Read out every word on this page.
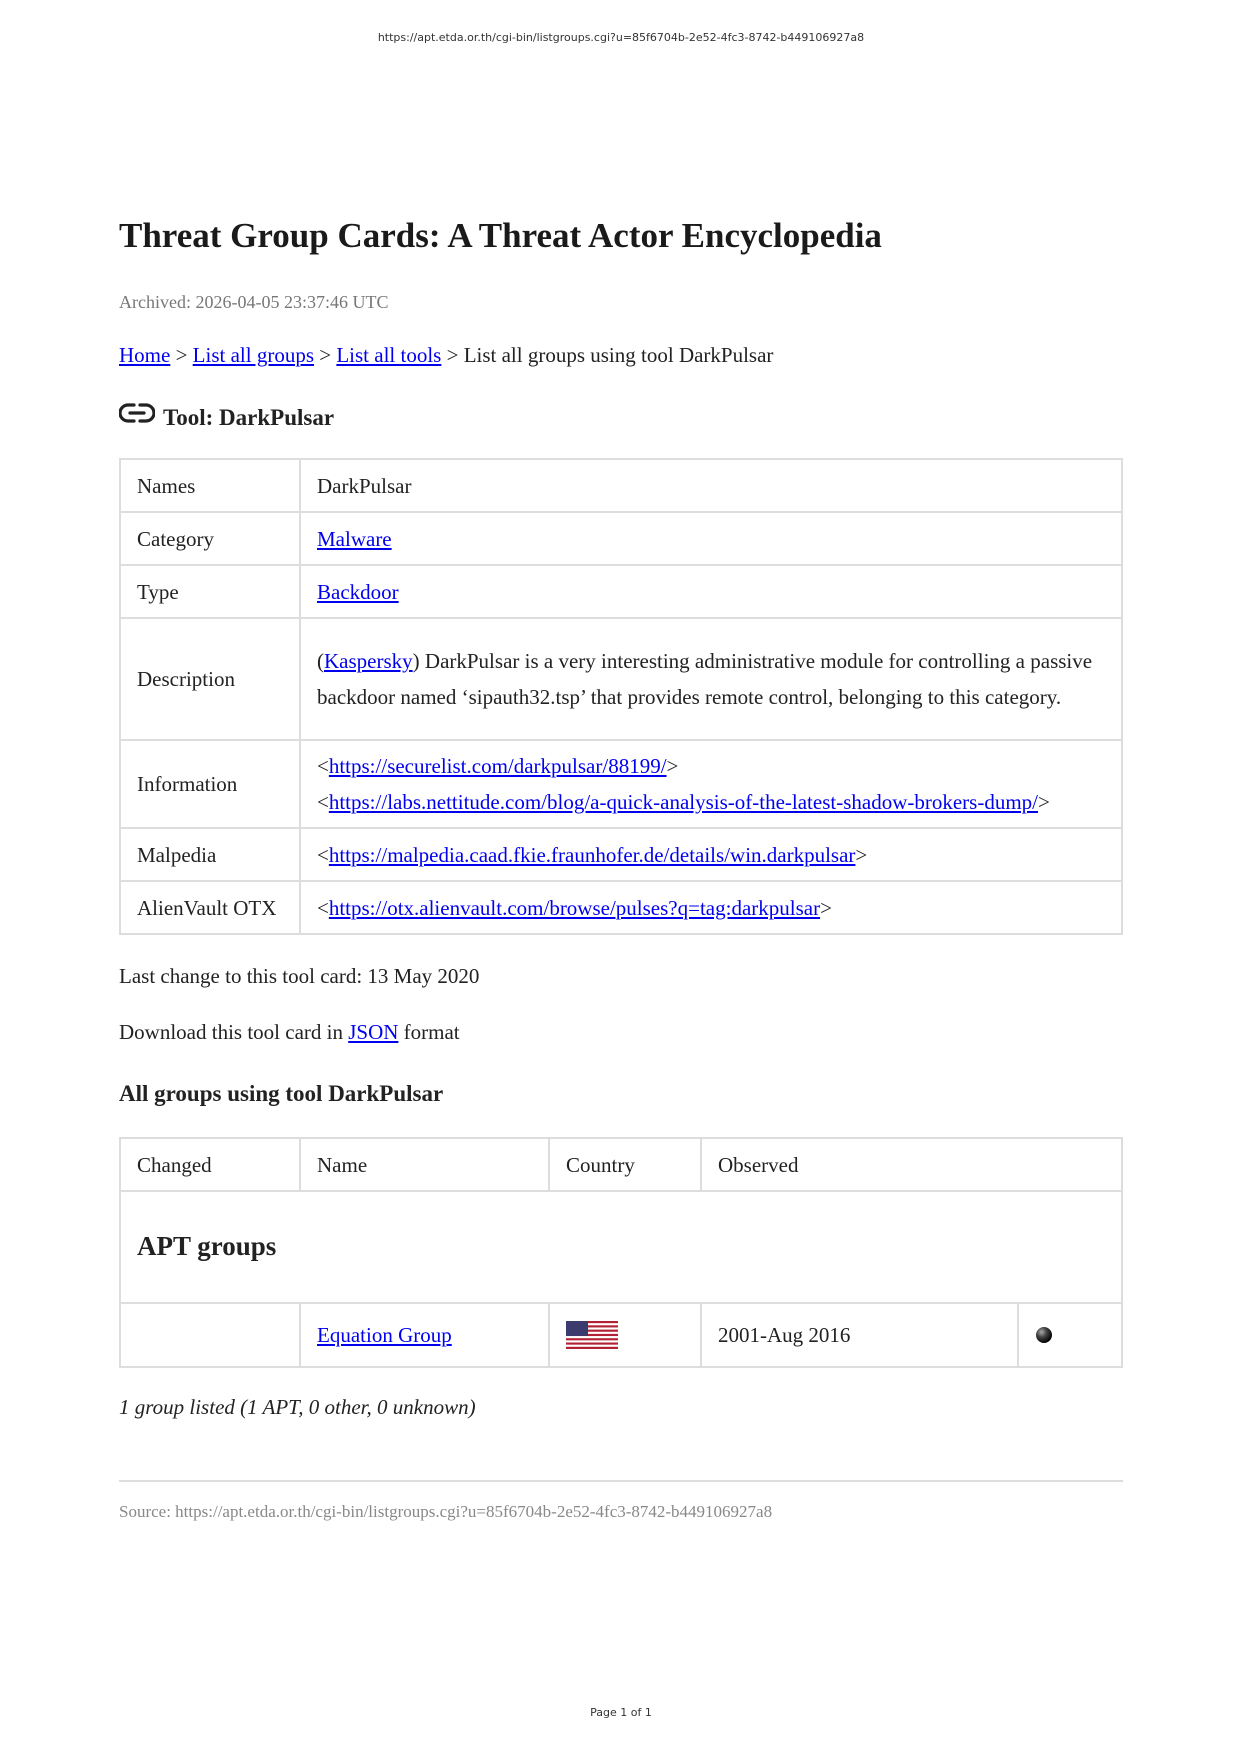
https://apt.etda.or.th/cgi-bin/listgroups.cgi?u=85f6704b-2e52-4fc3-8742-b449106927a8
Threat Group Cards: A Threat Actor Encyclopedia
Archived: 2026-04-05 23:37:46 UTC
Home > List all groups > List all tools > List all groups using tool DarkPulsar
Tool: DarkPulsar
Names	DarkPulsar
Category	Malware
Type	Backdoor
Description	(Kaspersky) DarkPulsar is a very interesting administrative module for controlling a passive backdoor named ‘sipauth32.tsp’ that provides remote control, belonging to this category.
Information	<https://securelist.com/darkpulsar/88199/>
<https://labs.nettitude.com/blog/a-quick-analysis-of-the-latest-shadow-brokers-dump/>

Malpedia	<https://malpedia.caad.fkie.fraunhofer.de/details/win.darkpulsar>
AlienVault OTX	<https://otx.alienvault.com/browse/pulses?q=tag:darkpulsar>
Last change to this tool card: 13 May 2020
Download this tool card in JSON format
All groups using tool DarkPulsar
Changed	Name	Country	Observed	
APT groups				
	Equation Group		2001-Aug 2016	
1 group listed (1 APT, 0 other, 0 unknown)
Source: https://apt.etda.or.th/cgi-bin/listgroups.cgi?u=85f6704b-2e52-4fc3-8742-b449106927a8
Page 1 of 1
